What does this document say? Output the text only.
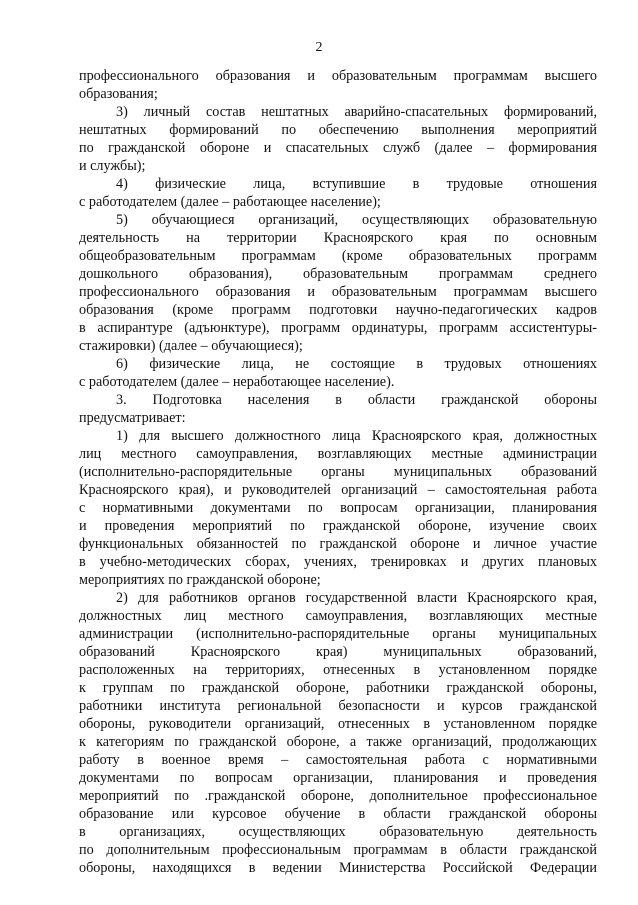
2
профессионального образования и образовательным программам высшего
образования;
3) личный состав нештатных аварийно-спасательных формирований,
нештатных формирований по обеспечению выполнения мероприятий
по гражданской обороне и спасательных служб (далее – формирования
и службы);
4) физические лица, вступившие в трудовые отношения
с работодателем (далее – работающее население);
5) обучающиеся организаций, осуществляющих образовательную
деятельность на территории Красноярского края по основным
общеобразовательным программам (кроме образовательных программ
дошкольного образования), образовательным программам среднего
профессионального образования и образовательным программам высшего
образования (кроме программ подготовки научно-педагогических кадров
в аспирантуре (адъюнктуре), программ ординатуры, программ ассистентуры-
стажировки) (далее – обучающиеся);
6) физические лица, не состоящие в трудовых отношениях
с работодателем (далее – неработающее население).
3. Подготовка населения в области гражданской обороны
предусматривает:
1) для высшего должностного лица Красноярского края, должностных
лиц местного самоуправления, возглавляющих местные администрации
(исполнительно-распорядительные органы муниципальных образований
Красноярского края), и руководителей организаций – самостоятельная работа
с нормативными документами по вопросам организации, планирования
и проведения мероприятий по гражданской обороне, изучение своих
функциональных обязанностей по гражданской обороне и личное участие
в учебно-методических сборах, учениях, тренировках и других плановых
мероприятиях по гражданской обороне;
2) для работников органов государственной власти Красноярского края,
должностных лиц местного самоуправления, возглавляющих местные
администрации (исполнительно-распорядительные органы муниципальных
образований Красноярского края) муниципальных образований,
расположенных на территориях, отнесенных в установленном порядке
к группам по гражданской обороне, работники гражданской обороны,
работники института региональной безопасности и курсов гражданской
обороны, руководители организаций, отнесенных в установленном порядке
к категориям по гражданской обороне, а также организаций, продолжающих
работу в военное время – самостоятельная работа с нормативными
документами по вопросам организации, планирования и проведения
мероприятий по .гражданской обороне, дополнительное профессиональное
образование или курсовое обучение в области гражданской обороны
в организациях, осуществляющих образовательную деятельность
по дополнительным профессиональным программам в области гражданской
обороны, находящихся в ведении Министерства Российской Федерации
